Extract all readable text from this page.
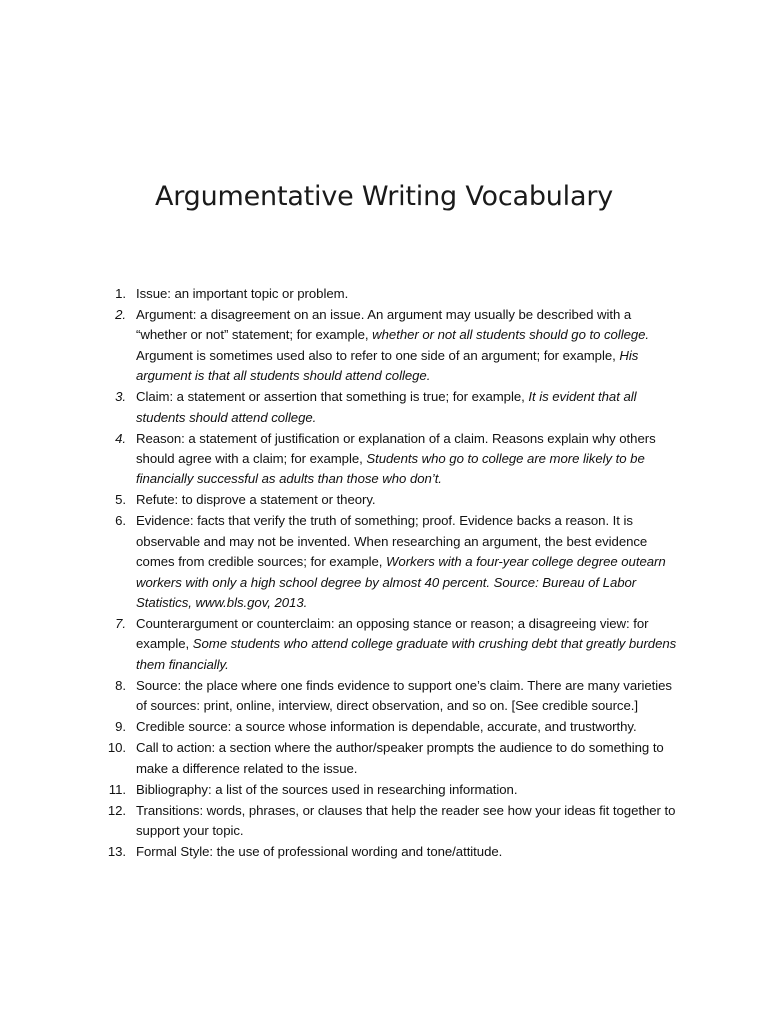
Argumentative Writing Vocabulary
1. Issue: an important topic or problem.
2. Argument: a disagreement on an issue. An argument may usually be described with a “whether or not” statement; for example, whether or not all students should go to college. Argument is sometimes used also to refer to one side of an argument; for example, His argument is that all students should attend college.
3. Claim: a statement or assertion that something is true; for example, It is evident that all students should attend college.
4. Reason: a statement of justification or explanation of a claim. Reasons explain why others should agree with a claim; for example, Students who go to college are more likely to be financially successful as adults than those who don’t.
5. Refute: to disprove a statement or theory.
6. Evidence: facts that verify the truth of something; proof. Evidence backs a reason. It is observable and may not be invented. When researching an argument, the best evidence comes from credible sources; for example, Workers with a four-year college degree outearn workers with only a high school degree by almost 40 percent. Source: Bureau of Labor Statistics, www.bls.gov, 2013.
7. Counterargument or counterclaim: an opposing stance or reason; a disagreeing view: for example, Some students who attend college graduate with crushing debt that greatly burdens them financially.
8. Source: the place where one finds evidence to support one’s claim. There are many varieties of sources: print, online, interview, direct observation, and so on. [See credible source.]
9. Credible source: a source whose information is dependable, accurate, and trustworthy.
10. Call to action: a section where the author/speaker prompts the audience to do something to make a difference related to the issue.
11. Bibliography: a list of the sources used in researching information.
12. Transitions: words, phrases, or clauses that help the reader see how your ideas fit together to support your topic.
13. Formal Style: the use of professional wording and tone/attitude.
